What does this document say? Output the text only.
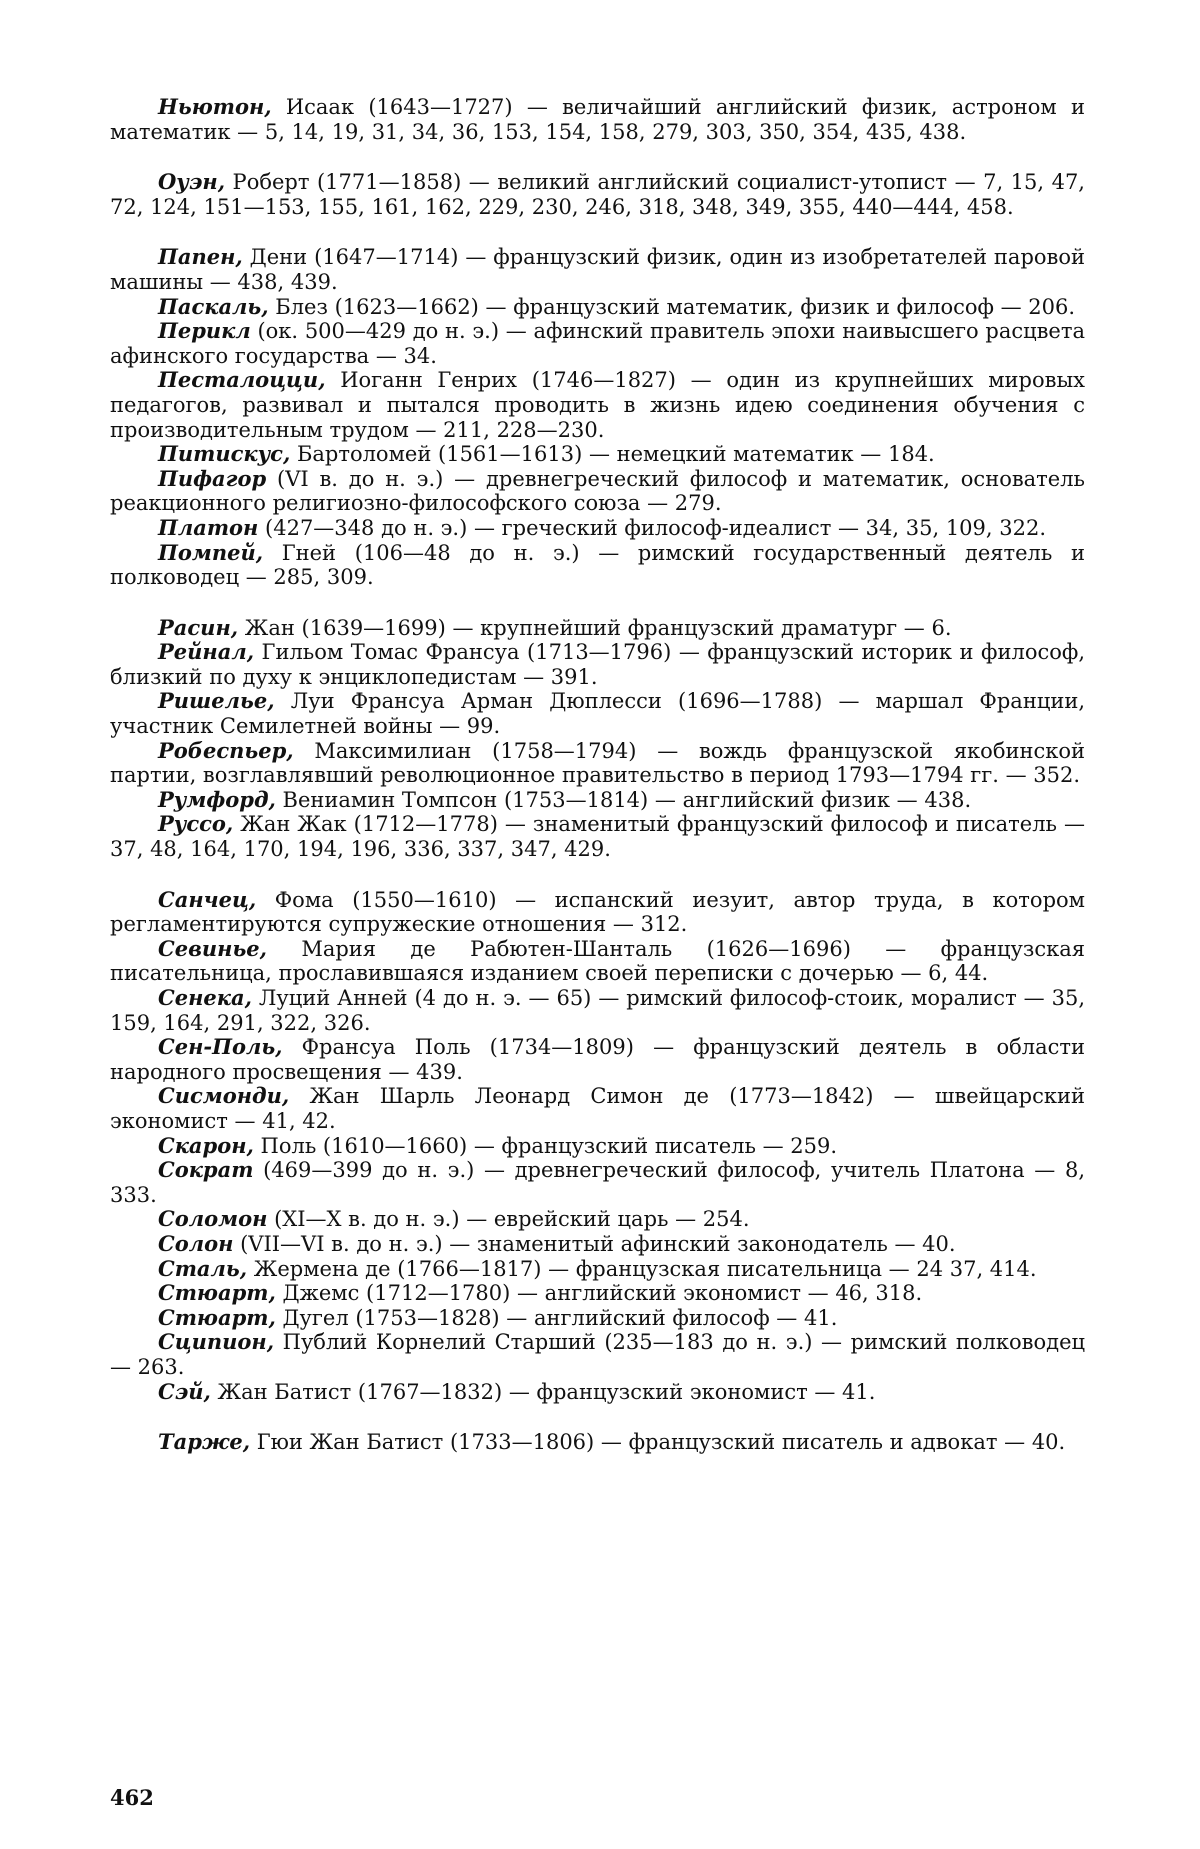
Ньютон, Исаак (1643—1727) — величайший английский физик, астроном и математик — 5, 14, 19, 31, 34, 36, 153, 154, 158, 279, 303, 350, 354, 435, 438.

Оуэн, Роберт (1771—1858) — великий английский социалист-утопист — 7, 15, 47, 72, 124, 151—153, 155, 161, 162, 229, 230, 246, 318, 348, 349, 355, 440—444, 458.

Папен, Дени (1647—1714) — французский физик, один из изобретателей паровой машины — 438, 439.

Паскаль, Блез (1623—1662) — французский математик, физик и философ — 206.

Перикл (ок. 500—429 до н. э.) — афинский правитель эпохи наивысшего расцвета афинского государства — 34.

Песталоцци, Иоганн Генрих (1746—1827) — один из крупнейших мировых педагогов, развивал и пытался проводить в жизнь идею соединения обучения с производительным трудом — 211, 228—230.

Питискус, Бартоломей (1561—1613) — немецкий математик — 184.

Пифагор (VI в. до н. э.) — древнегреческий философ и математик, основатель реакционного религиозно-философского союза — 279.

Платон (427—348 до н. э.) — греческий философ-идеалист — 34, 35, 109, 322.

Помпей, Гней (106—48 до н. э.) — римский государственный деятель и полководец — 285, 309.

Расин, Жан (1639—1699) — крупнейший французский драматург — 6.

Рейнал, Гильом Томас Франсуа (1713—1796) — французский историк и философ, близкий по духу к энциклопедистам — 391.

Ришелье, Луи Франсуа Арман Дюплесси (1696—1788) — маршал Франции, участник Семилетней войны — 99.

Робеспьер, Максимилиан (1758—1794) — вождь французской якобинской партии, возглавлявший революционное правительство в период 1793—1794 гг. — 352.

Румфорд, Вениамин Томпсон (1753—1814) — английский физик — 438.

Руссо, Жан Жак (1712—1778) — знаменитый французский философ и писатель — 37, 48, 164, 170, 194, 196, 336, 337, 347, 429.

Санчец, Фома (1550—1610) — испанский иезуит, автор труда, в котором регламентируются супружеские отношения — 312.

Севинье, Мария де Рабютен-Шанталь (1626—1696) — французская писательница, прославившаяся изданием своей переписки с дочерью — 6, 44.

Сенека, Луций Анней (4 до н. э. — 65) — римский философ-стоик, моралист — 35, 159, 164, 291, 322, 326.

Сен-Поль, Франсуа Поль (1734—1809) — французский деятель в области народного просвещения — 439.

Сисмонди, Жан Шарль Леонард Симон де (1773—1842) — швейцарский экономист — 41, 42.

Скарон, Поль (1610—1660) — французский писатель — 259.

Сократ (469—399 до н. э.) — древнегреческий философ, учитель Платона — 8, 333.

Соломон (XI—X в. до н. э.) — еврейский царь — 254.

Солон (VII—VI в. до н. э.) — знаменитый афинский законодатель — 40.

Сталь, Жермена де (1766—1817) — французская писательница — 24 37, 414.

Стюарт, Джемс (1712—1780) — английский экономист — 46, 318.

Стюарт, Дугел (1753—1828) — английский философ — 41.

Сципион, Публий Корнелий Старший (235—183 до н. э.) — римский полководец — 263.

Сэй, Жан Батист (1767—1832) — французский экономист — 41.

Тарже, Гюи Жан Батист (1733—1806) — французский писатель и адвокат — 40.

462
